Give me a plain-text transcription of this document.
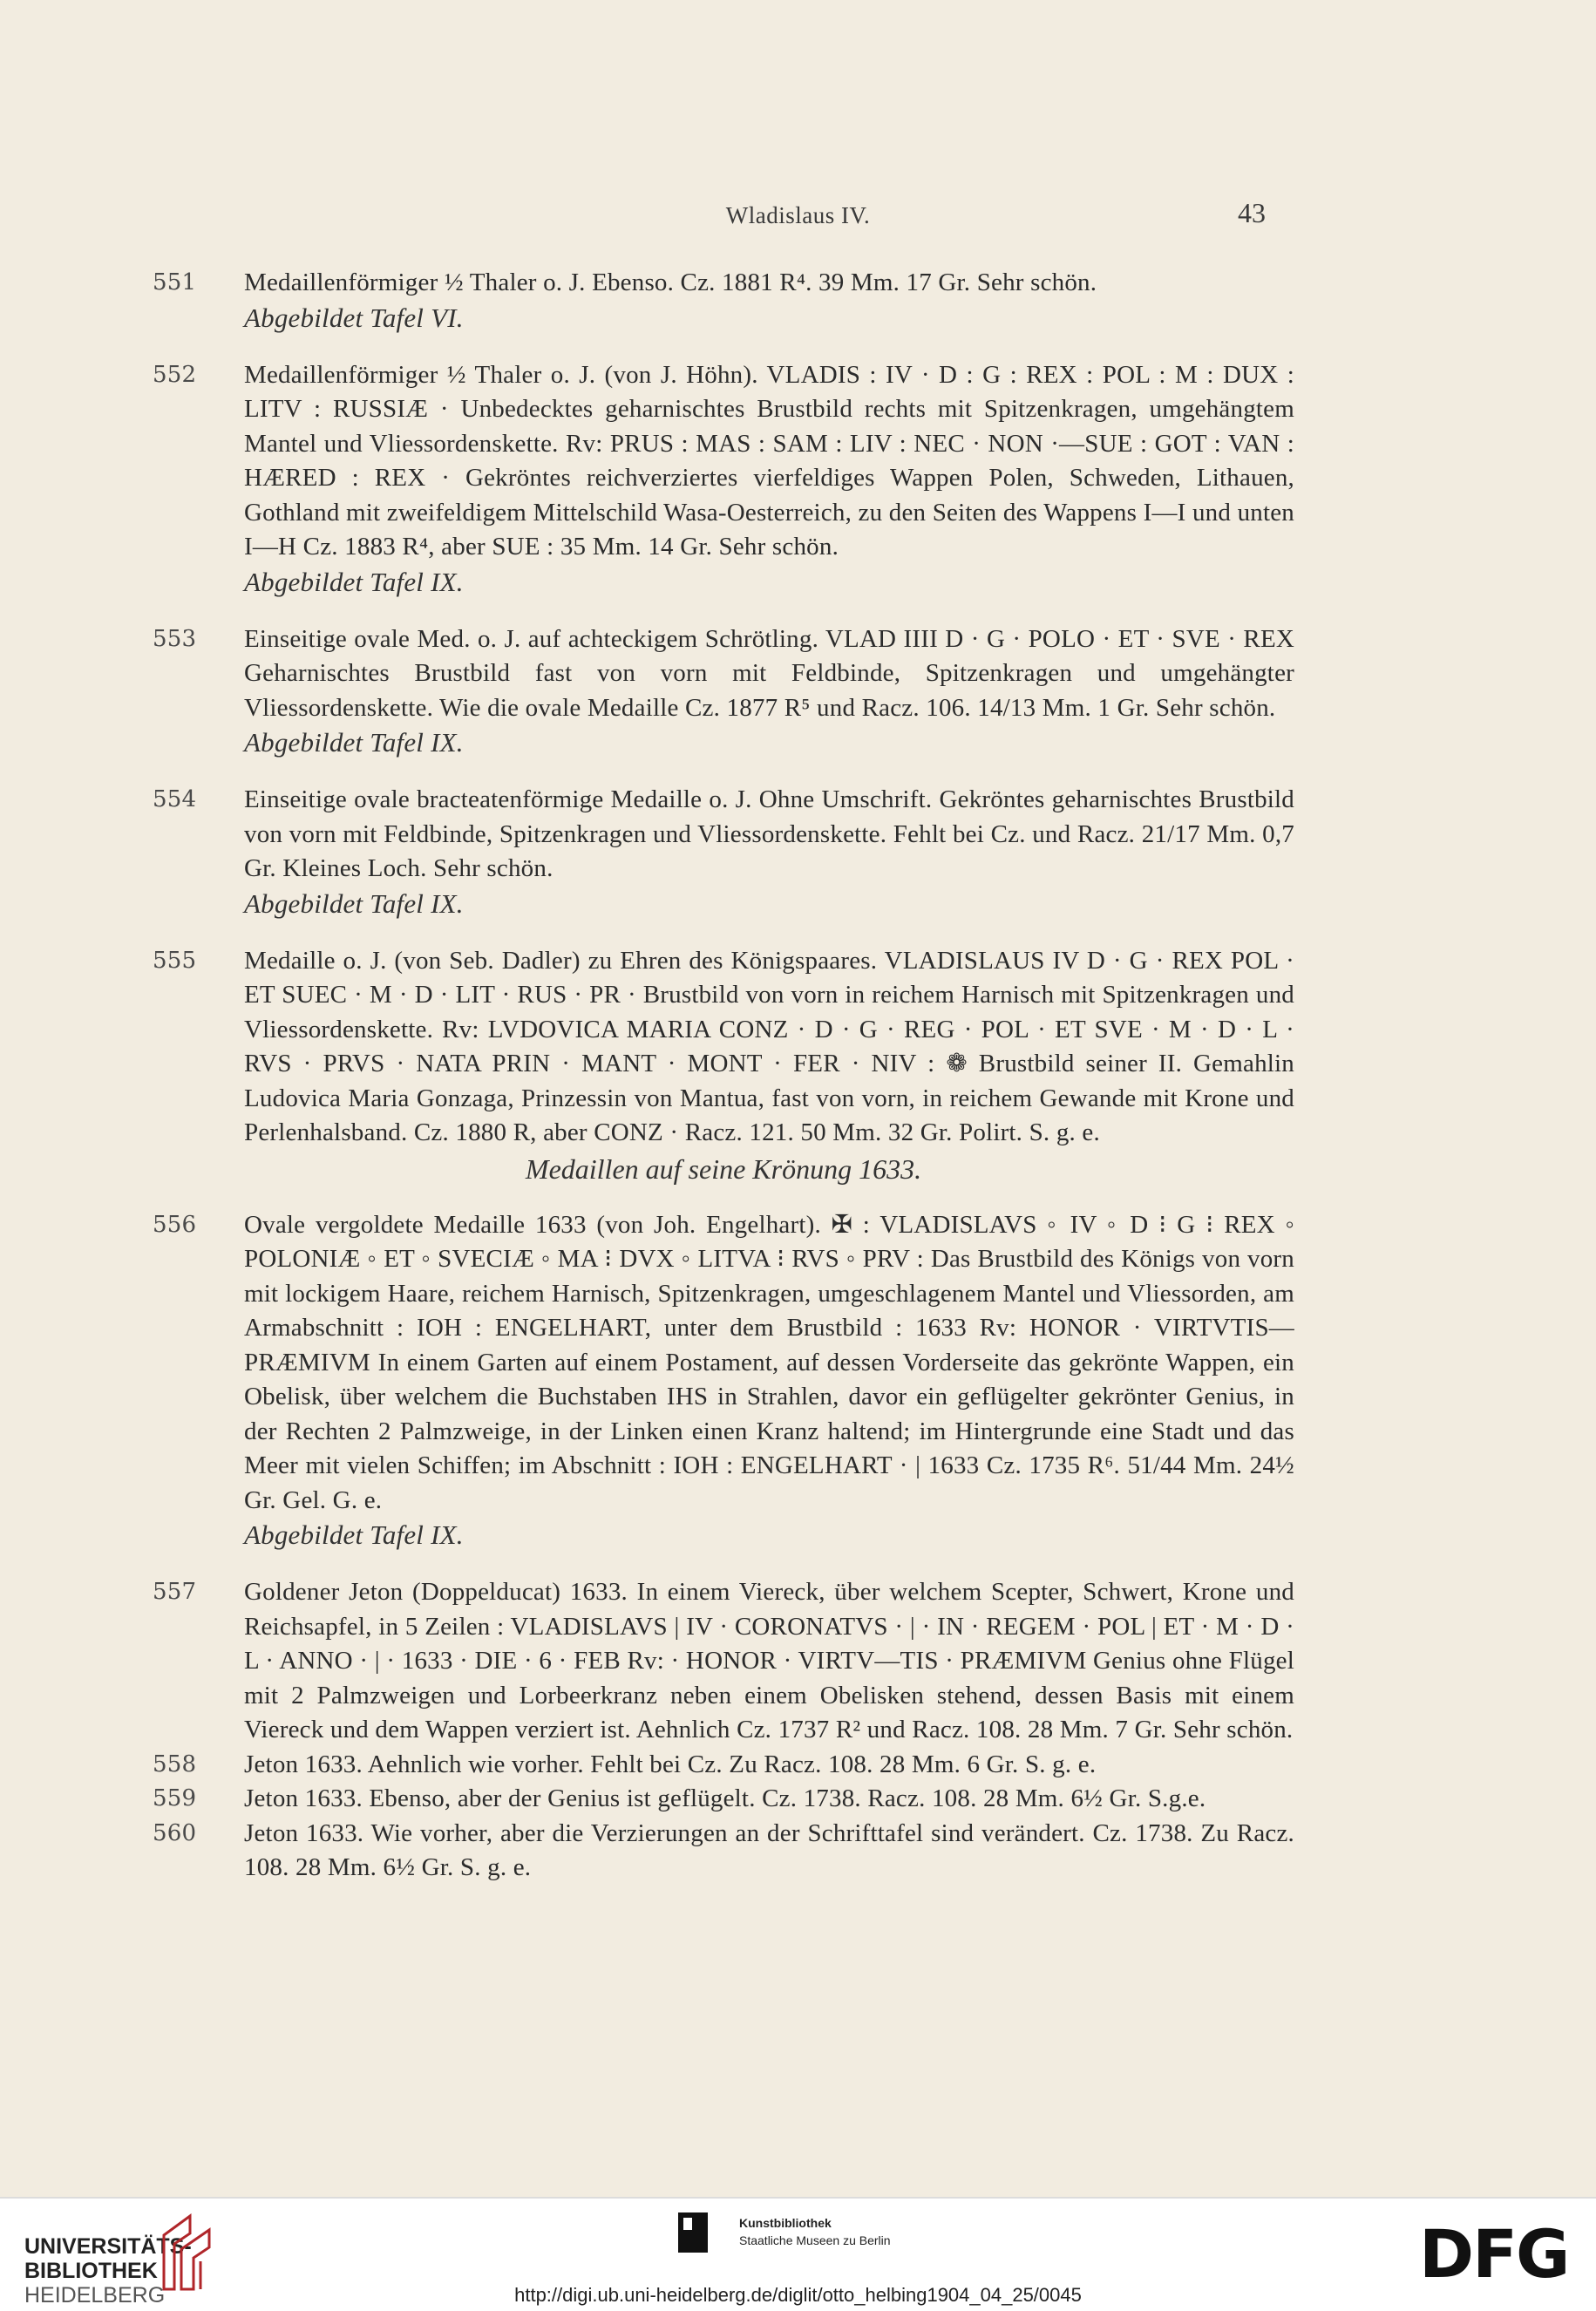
Wladislaus IV.	43
551 Medaillenförmiger ½ Thaler o. J. Ebenso. Cz. 1881 R⁴. 39 Mm. 17 Gr. Sehr schön.
Abgebildet Tafel VI.
552 Medaillenförmiger ½ Thaler o. J. (von J. Höhn). VLADIS : IV · D : G : REX : POL : M : DUX : LITV : RUSSIÆ · Unbedecktes geharnischtes Brustbild rechts mit Spitzenkragen, umgehängtem Mantel und Vliessordenskette. Rv: PRUS : MAS : SAM : LIV : NEC · NON ·—SUE : GOT : VAN : HÆRED : REX · Gekröntes reichverziertes vierfeldiges Wappen Polen, Schweden, Lithauen, Gothland mit zweifeldigem Mittelschild Wasa-Oesterreich, zu den Seiten des Wappens I—I und unten I—H Cz. 1883 R⁴, aber SUE : 35 Mm. 14 Gr. Sehr schön.
Abgebildet Tafel IX.
553 Einseitige ovale Med. o. J. auf achteckigem Schrötling. VLAD IIII D · G · POLO · ET · SVE · REX Geharnischtes Brustbild fast von vorn mit Feldbinde, Spitzenkragen und umgehängter Vliessordenskette. Wie die ovale Medaille Cz. 1877 R⁵ und Racz. 106. 14/13 Mm. 1 Gr. Sehr schön.
Abgebildet Tafel IX.
554 Einseitige ovale bracteatenförmige Medaille o. J. Ohne Umschrift. Gekröntes geharnischtes Brustbild von vorn mit Feldbinde, Spitzenkragen und Vliessordenskette. Fehlt bei Cz. und Racz. 21/17 Mm. 0,7 Gr. Kleines Loch. Sehr schön.
Abgebildet Tafel IX.
555 Medaille o. J. (von Seb. Dadler) zu Ehren des Königspaares. VLADISLAUS IV D · G · REX POL · ET SUEC · M · D · LIT · RUS · PR · Brustbild von vorn in reichem Harnisch mit Spitzenkragen und Vliessordenskette. Rv: LVDOVICA MARIA CONZ · D · G · REG · POL · ET SVE · M · D · L · RVS · PRVS · NATA PRIN · MANT · MONT · FER · NIV : ❁ Brustbild seiner II. Gemahlin Ludovica Maria Gonzaga, Prinzessin von Mantua, fast von vorn, in reichem Gewande mit Krone und Perlenhalsband. Cz. 1880 R, aber CONZ · Racz. 121. 50 Mm. 32 Gr. Polirt. S. g. e.
Medaillen auf seine Krönung 1633.
556 Ovale vergoldete Medaille 1633 (von Joh. Engelhart). ✠ : VLADISLAVS ◦ IV ◦ D ⁝ G ⁝ REX ◦ POLONIÆ ◦ ET ◦ SVECIÆ ◦ MA ⁝ DVX ◦ LITVA ⁝ RVS ◦ PRV : Das Brustbild des Königs von vorn mit lockigem Haare, reichem Harnisch, Spitzenkragen, umgeschlagenem Mantel und Vliessorden, am Armabschnitt : IOH : ENGELHART, unter dem Brustbild : 1633 Rv: HONOR · VIRTVTIS—PRÆMIVM In einem Garten auf einem Postament, auf dessen Vorderseite das gekrönte Wappen, ein Obelisk, über welchem die Buchstaben IHS in Strahlen, davor ein geflügelter gekrönter Genius, in der Rechten 2 Palmzweige, in der Linken einen Kranz haltend; im Hintergrunde eine Stadt und das Meer mit vielen Schiffen; im Abschnitt : IOH : ENGELHART · | 1633 Cz. 1735 R⁶. 51/44 Mm. 24½ Gr. Gel. G. e.
Abgebildet Tafel IX.
557 Goldener Jeton (Doppelducat) 1633. In einem Viereck, über welchem Scepter, Schwert, Krone und Reichsapfel, in 5 Zeilen : VLADISLAVS | IV · CORONATVS · | · IN · REGEM · POL | ET · M · D · L · ANNO · | · 1633 · DIE · 6 · FEB Rv: · HONOR · VIRTV—TIS · PRÆMIVM Genius ohne Flügel mit 2 Palmzweigen und Lorbeerkranz neben einem Obelisken stehend, dessen Basis mit einem Viereck und dem Wappen verziert ist. Aehnlich Cz. 1737 R² und Racz. 108. 28 Mm. 7 Gr. Sehr schön.
558 Jeton 1633. Aehnlich wie vorher. Fehlt bei Cz. Zu Racz. 108. 28 Mm. 6 Gr. S. g. e.
559 Jeton 1633. Ebenso, aber der Genius ist geflügelt. Cz. 1738. Racz. 108. 28 Mm. 6½ Gr. S.g.e.
560 Jeton 1633. Wie vorher, aber die Verzierungen an der Schrifttafel sind verändert. Cz. 1738. Zu Racz. 108. 28 Mm. 6½ Gr. S. g. e.
UNIVERSITÄTS-
BIBLIOTHEK
HEIDELBERG
Kunstbibliothek
Staatliche Museen zu Berlin	DFG
http://digi.ub.uni-heidelberg.de/diglit/otto_helbing1904_04_25/0045
